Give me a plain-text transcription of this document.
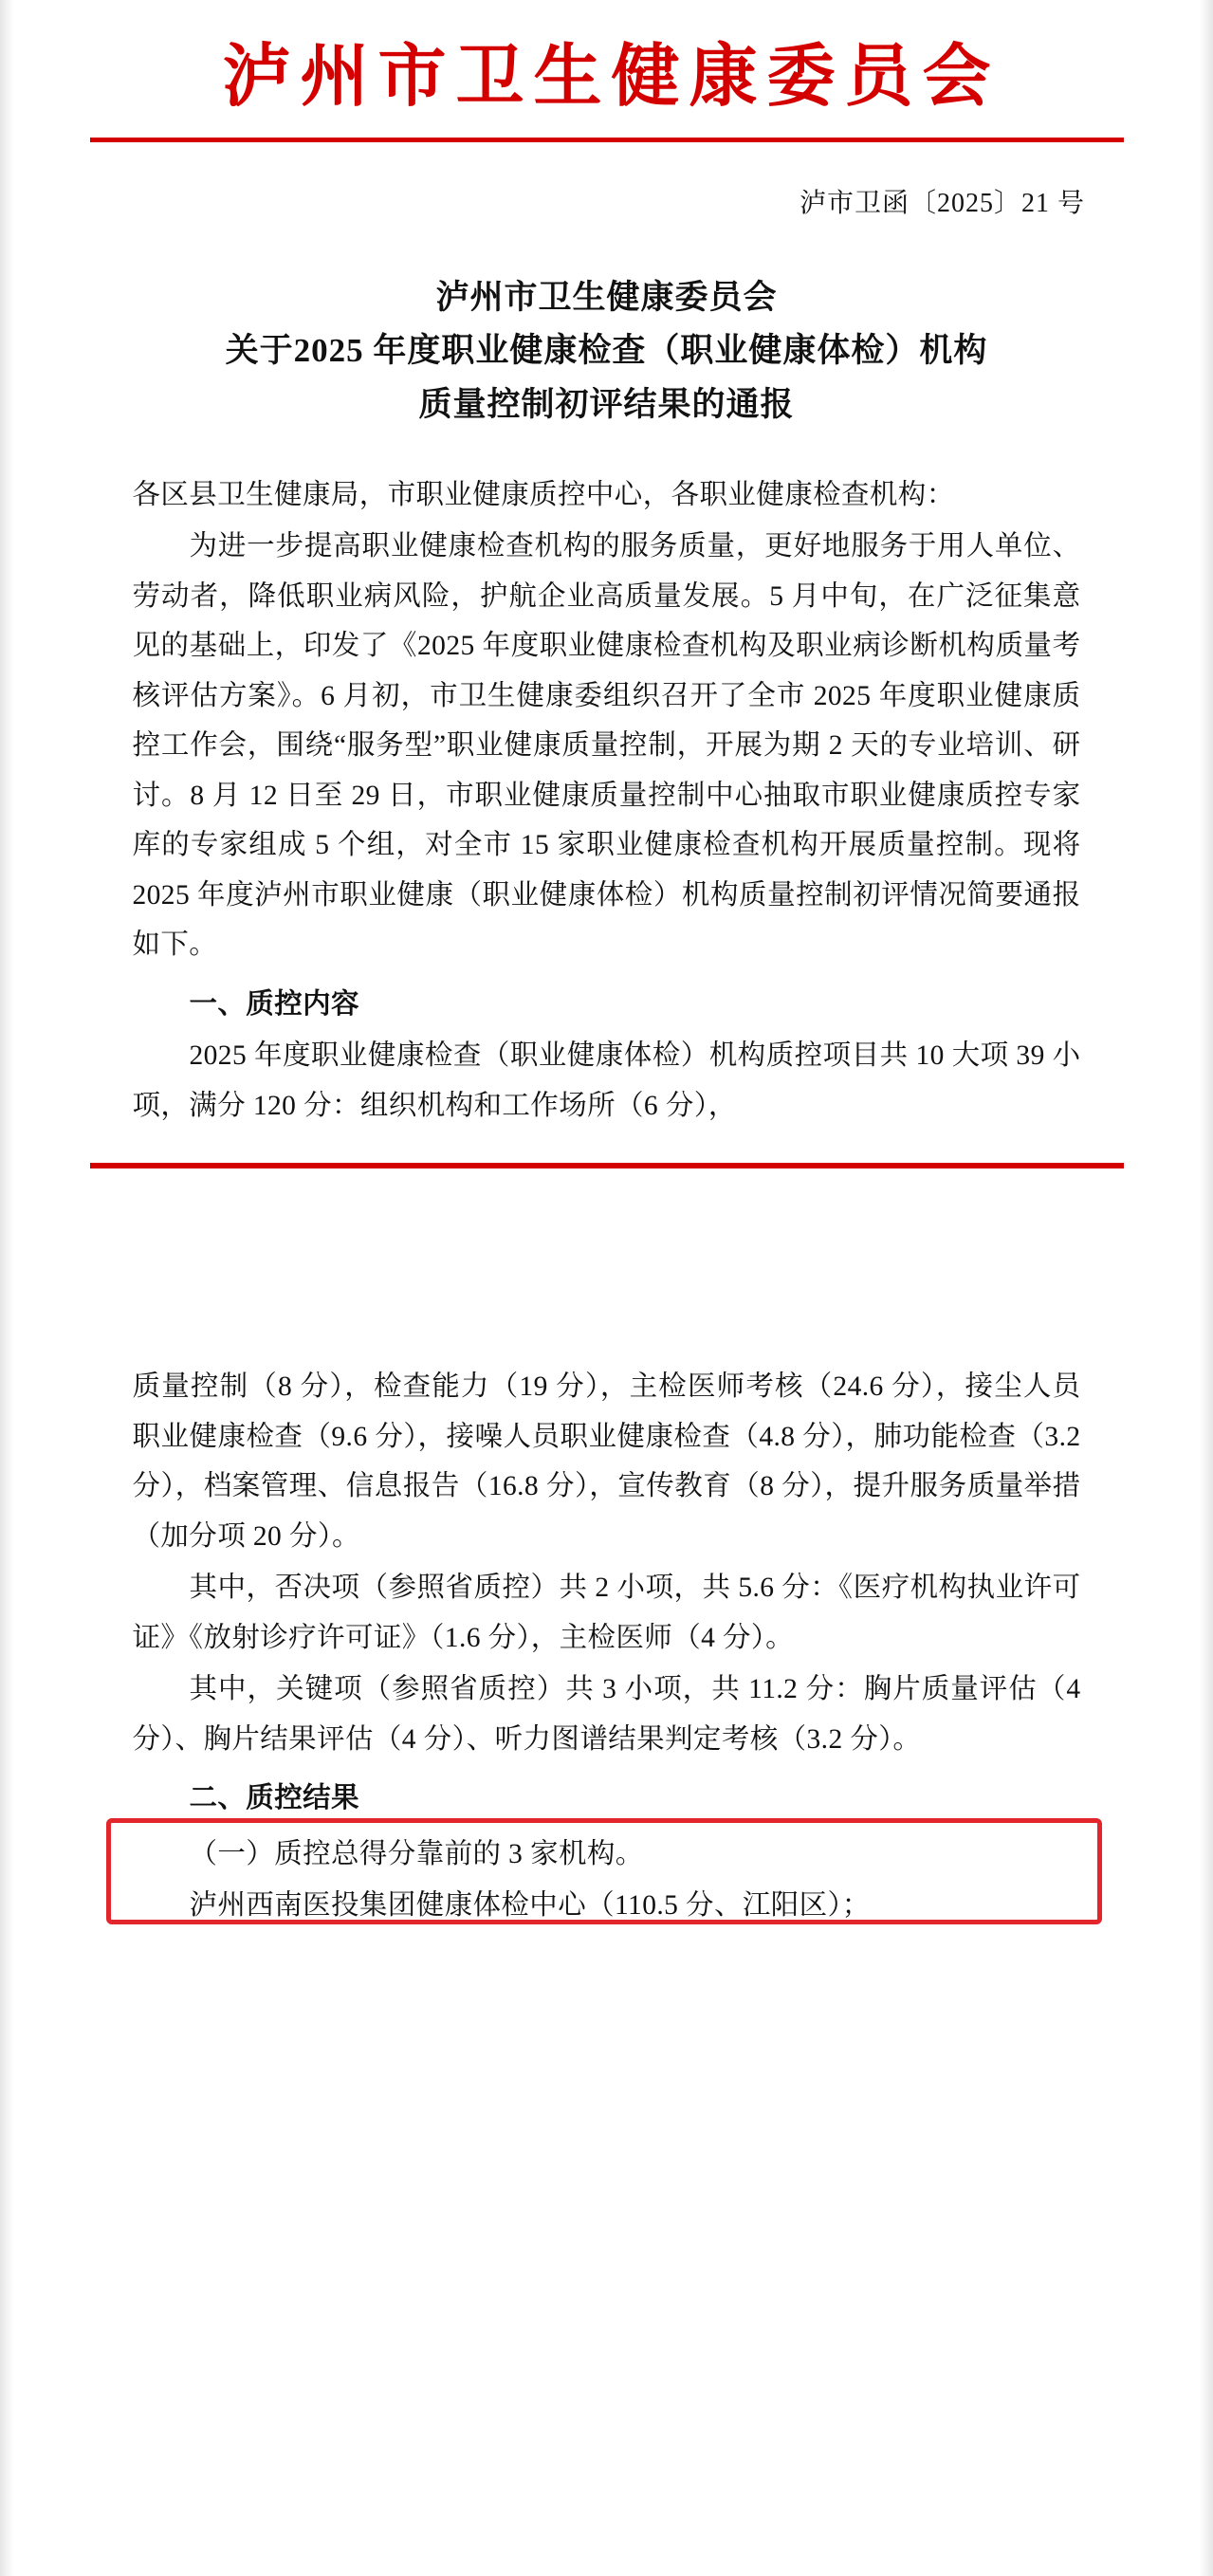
泸州市卫生健康委员会
泸市卫函〔2025〕21 号
泸州市卫生健康委员会
关于2025 年度职业健康检查（职业健康体检）机构
质量控制初评结果的通报

各区县卫生健康局，市职业健康质控中心，各职业健康检查机构：

为进一步提高职业健康检查机构的服务质量，更好地服务于用人单位、劳动者，降低职业病风险，护航企业高质量发展。5 月中旬，在广泛征集意见的基础上，印发了《2025 年度职业健康检查机构及职业病诊断机构质量考核评估方案》。6 月初，市卫生健康委组织召开了全市 2025 年度职业健康质控工作会，围绕“服务型”职业健康质量控制，开展为期 2 天的专业培训、研讨。8 月 12 日至 29 日，市职业健康质量控制中心抽取市职业健康质控专家库的专家组成 5 个组，对全市 15 家职业健康检查机构开展质量控制。现将 2025 年度泸州市职业健康（职业健康体检）机构质量控制初评情况简要通报如下。

一、质控内容

2025 年度职业健康检查（职业健康体检）机构质控项目共 10 大项 39 小项，满分 120 分：组织机构和工作场所（6 分），

质量控制（8 分），检查能力（19 分），主检医师考核（24.6 分），接尘人员职业健康检查（9.6 分），接噪人员职业健康检查（4.8 分），肺功能检查（3.2 分），档案管理、信息报告（16.8 分），宣传教育（8 分），提升服务质量举措（加分项 20 分）。

其中，否决项（参照省质控）共 2 小项，共 5.6 分：《医疗机构执业许可证》《放射诊疗许可证》（1.6 分），主检医师（4 分）。

其中，关键项（参照省质控）共 3 小项，共 11.2 分：胸片质量评估（4 分）、胸片结果评估（4 分）、听力图谱结果判定考核（3.2 分）。

二、质控结果

（一）质控总得分靠前的 3 家机构。

泸州西南医投集团健康体检中心（110.5 分、江阳区）；
